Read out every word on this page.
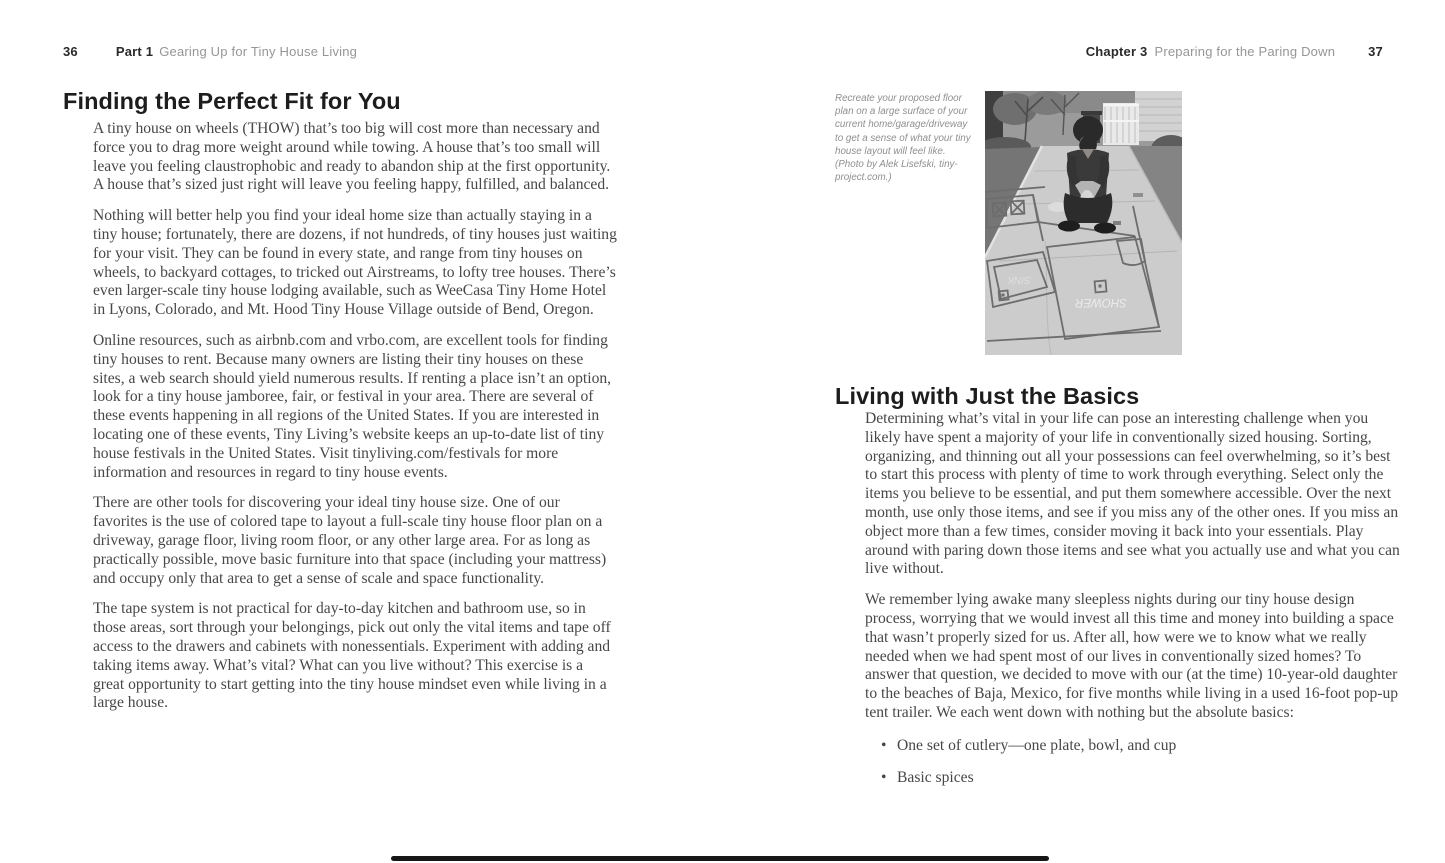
36	Part 1 Gearing Up for Tiny House Living
Finding the Perfect Fit for You

A tiny house on wheels (THOW) that’s too big will cost more than necessary and force you to drag more weight around while towing. A house that’s too small will leave you feeling claustrophobic and ready to abandon ship at the first opportunity. A house that’s sized just right will leave you feeling happy, fulfilled, and balanced.

Nothing will better help you find your ideal home size than actually staying in a tiny house; fortunately, there are dozens, if not hundreds, of tiny houses just waiting for your visit. They can be found in every state, and range from tiny houses on wheels, to backyard cottages, to tricked out Airstreams, to lofty tree houses. There’s even larger-scale tiny house lodging available, such as WeeCasa Tiny Home Hotel in Lyons, Colorado, and Mt. Hood Tiny House Village outside of Bend, Oregon.

Online resources, such as airbnb.com and vrbo.com, are excellent tools for finding tiny houses to rent. Because many owners are listing their tiny houses on these sites, a web search should yield numerous results. If renting a place isn’t an option, look for a tiny house jamboree, fair, or festival in your area. There are several of these events happening in all regions of the United States. If you are interested in locating one of these events, Tiny Living’s website keeps an up-to-date list of tiny house festivals in the United States. Visit tinyliving.com/festivals for more information and resources in regard to tiny house events.

There are other tools for discovering your ideal tiny house size. One of our favorites is the use of colored tape to layout a full-scale tiny house floor plan on a driveway, garage floor, living room floor, or any other large area. For as long as practically possible, move basic furniture into that space (including your mattress) and occupy only that area to get a sense of scale and space functionality.

The tape system is not practical for day-to-day kitchen and bathroom use, so in those areas, sort through your belongings, pick out only the vital items and tape off access to the drawers and cabinets with nonessentials. Experiment with adding and taking items away. What’s vital? What can you live without? This exercise is a great opportunity to start getting into the tiny house mindset even while living in a large house.

Chapter 3 Preparing for the Paring Down	37
Recreate your proposed floor plan on a large surface of your current home/garage/driveway to get a sense of what your tiny house layout will feel like. (Photo by Alek Lisefski, tiny-project.com.)
SINK
SHOWER
Living with Just the Basics

Determining what’s vital in your life can pose an interesting challenge when you likely have spent a majority of your life in conventionally sized housing. Sorting, organizing, and thinning out all your possessions can feel overwhelming, so it’s best to start this process with plenty of time to work through everything. Select only the items you believe to be essential, and put them somewhere accessible. Over the next month, use only those items, and see if you miss any of the other ones. If you miss an object more than a few times, consider moving it back into your essentials. Play around with paring down those items and see what you actually use and what you can live without.

We remember lying awake many sleepless nights during our tiny house design process, worrying that we would invest all this time and money into building a space that wasn’t properly sized for us. After all, how were we to know what we really needed when we had spent most of our lives in conventionally sized homes? To answer that question, we decided to move with our (at the time) 10-year-old daughter to the beaches of Baja, Mexico, for five months while living in a used 16-foot pop-up tent trailer. We each went down with nothing but the absolute basics:

• One set of cutlery—one plate, bowl, and cup
• Basic spices
